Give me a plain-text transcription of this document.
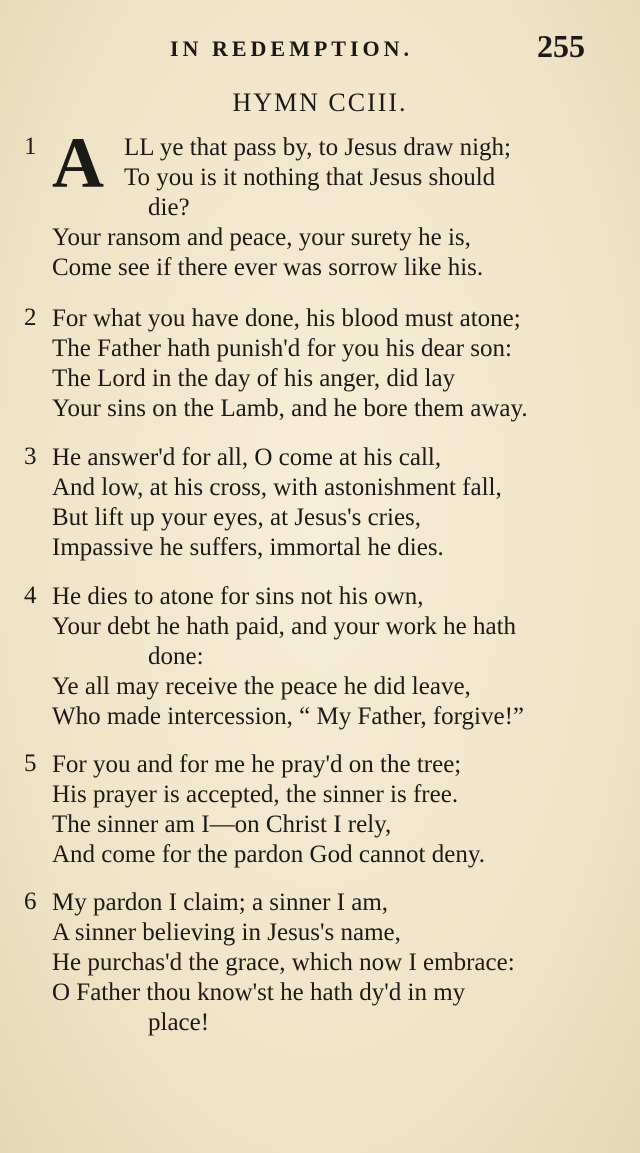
IN REDEMPTION.	255
HYMN CCIII.
1 A LL ye that pass by, to Jesus draw nigh;
To you is it nothing that Jesus should
die?
Your ransom and peace, your surety he is,
Come see if there ever was sorrow like his.
2 For what you have done, his blood must atone;
The Father hath punish'd for you his dear son:
The Lord in the day of his anger, did lay
Your sins on the Lamb, and he bore them away.
3 He answer'd for all, O come at his call,
And low, at his cross, with astonishment fall,
But lift up your eyes, at Jesus's cries,
Impassive he suffers, immortal he dies.
4 He dies to atone for sins not his own,
Your debt he hath paid, and your work he hath
done:
Ye all may receive the peace he did leave,
Who made intercession, “ My Father, forgive!”
5 For you and for me he pray'd on the tree;
His prayer is accepted, the sinner is free.
The sinner am I—on Christ I rely,
And come for the pardon God cannot deny.
6 My pardon I claim; a sinner I am,
A sinner believing in Jesus's name,
He purchas'd the grace, which now I embrace:
O Father thou know'st he hath dy'd in my
place!
